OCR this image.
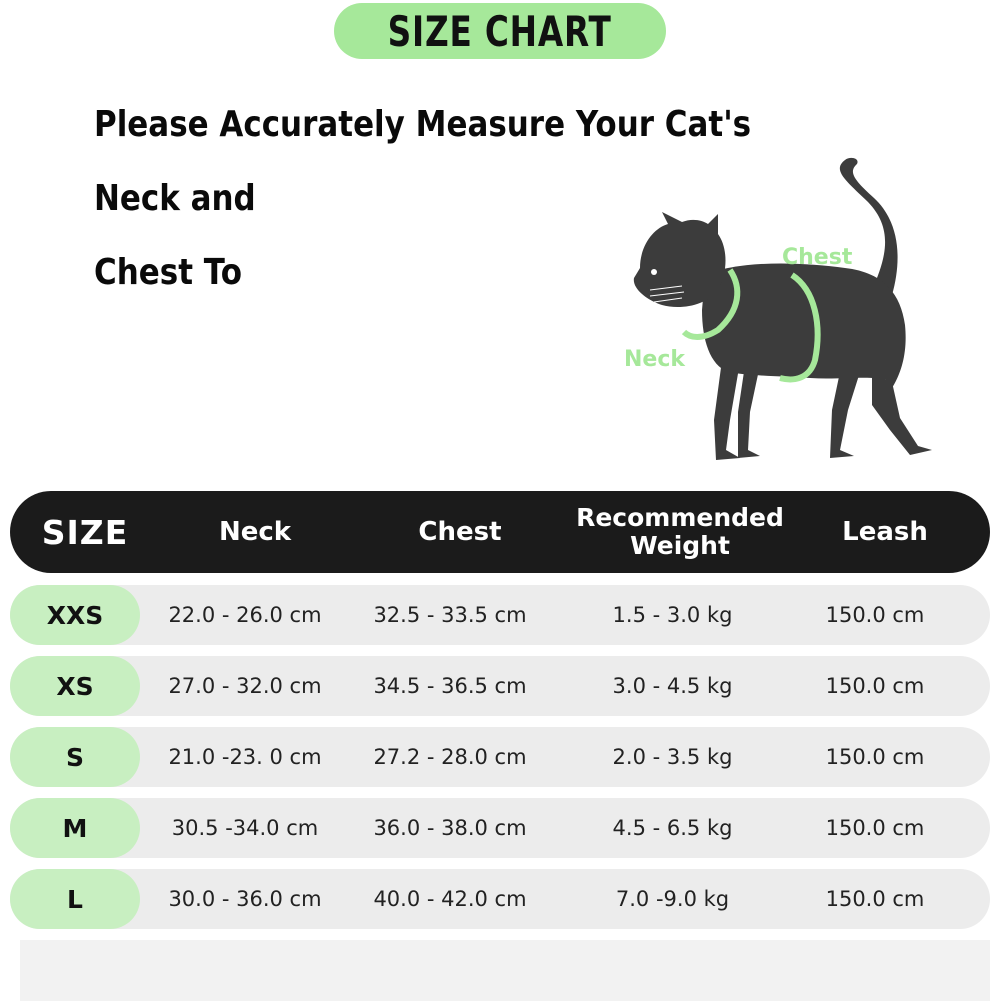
SIZE CHART

Please Accurately Measure Your Cat's Neck and
Chest To	Chest
Neck
SIZE	Neck	Chest	Recommended Weight	Leash
XXS	22.0 - 26.0 cm	32.5 - 33.5 cm	1.5 - 3.0 kg	150.0 cm
XS	27.0 - 32.0 cm	34.5 - 36.5 cm	3.0 - 4.5 kg	150.0 cm
S	21.0 -23. 0 cm	27.2 - 28.0 cm	2.0 - 3.5 kg	150.0 cm
M	30.5 -34.0 cm	36.0 - 38.0 cm	4.5 - 6.5 kg	150.0 cm
L	30.0 - 36.0 cm	40.0 - 42.0 cm	7.0 -9.0 kg	150.0 cm
